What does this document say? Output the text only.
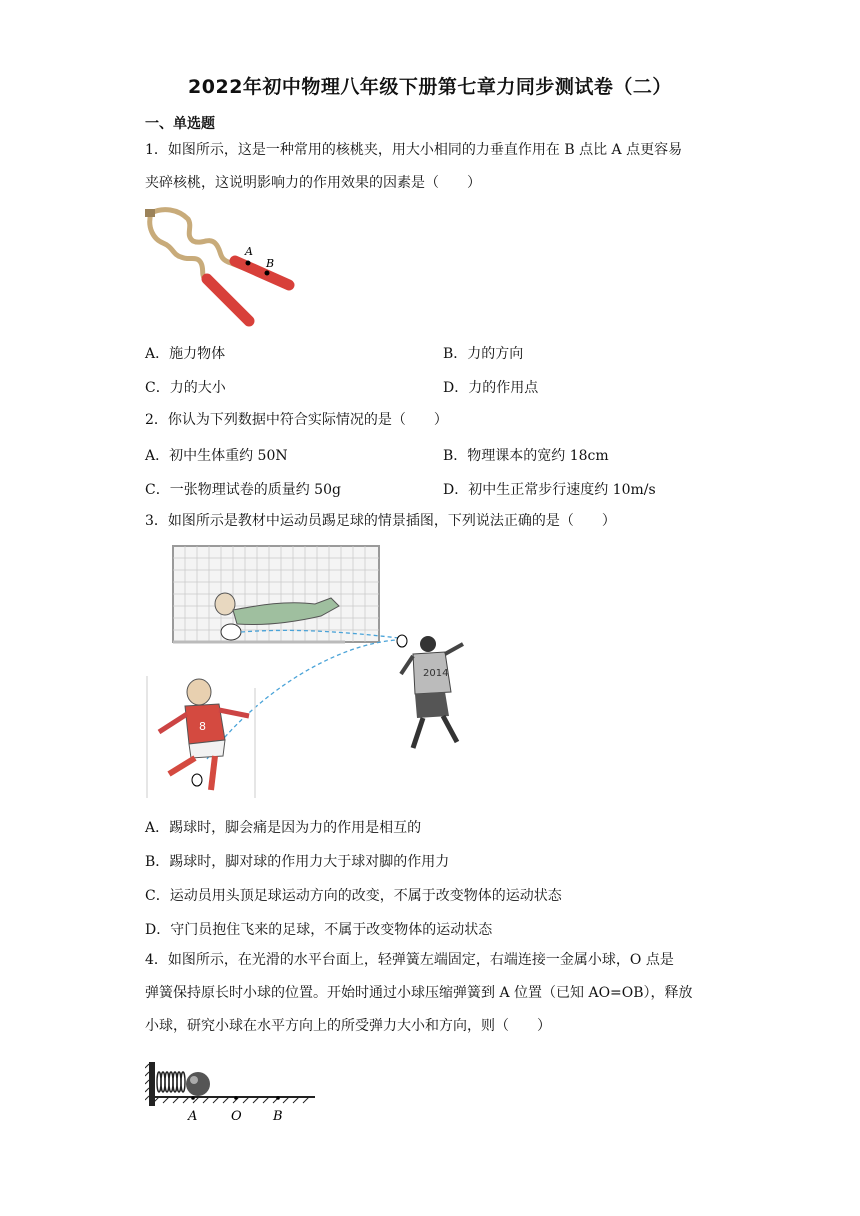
2022年初中物理八年级下册第七章力同步测试卷（二）
一、单选题
1．如图所示，这是一种常用的核桃夹，用大小相同的力垂直作用在 B 点比 A 点更容易
夹碎核桃，这说明影响力的作用效果的因素是（　　）
A
B
A．施力物体	B．力的方向
C．力的大小	D．力的作用点
2．你认为下列数据中符合实际情况的是（　　）
A．初中生体重约 50N	B．物理课本的宽约 18cm
C．一张物理试卷的质量约 50g	D．初中生正常步行速度约 10m/s
3．如图所示是教材中运动员踢足球的情景插图，下列说法正确的是（　　）
2014
8
A．踢球时，脚会痛是因为力的作用是相互的
B．踢球时，脚对球的作用力大于球对脚的作用力
C．运动员用头顶足球运动方向的改变，不属于改变物体的运动状态
D．守门员抱住飞来的足球，不属于改变物体的运动状态
4．如图所示，在光滑的水平台面上，轻弹簧左端固定，右端连接一金属小球，O 点是
弹簧保持原长时小球的位置。开始时通过小球压缩弹簧到 A 位置（已知 AO=OB），释放
小球，研究小球在水平方向上的所受弹力大小和方向，则（　　）
A	O B
